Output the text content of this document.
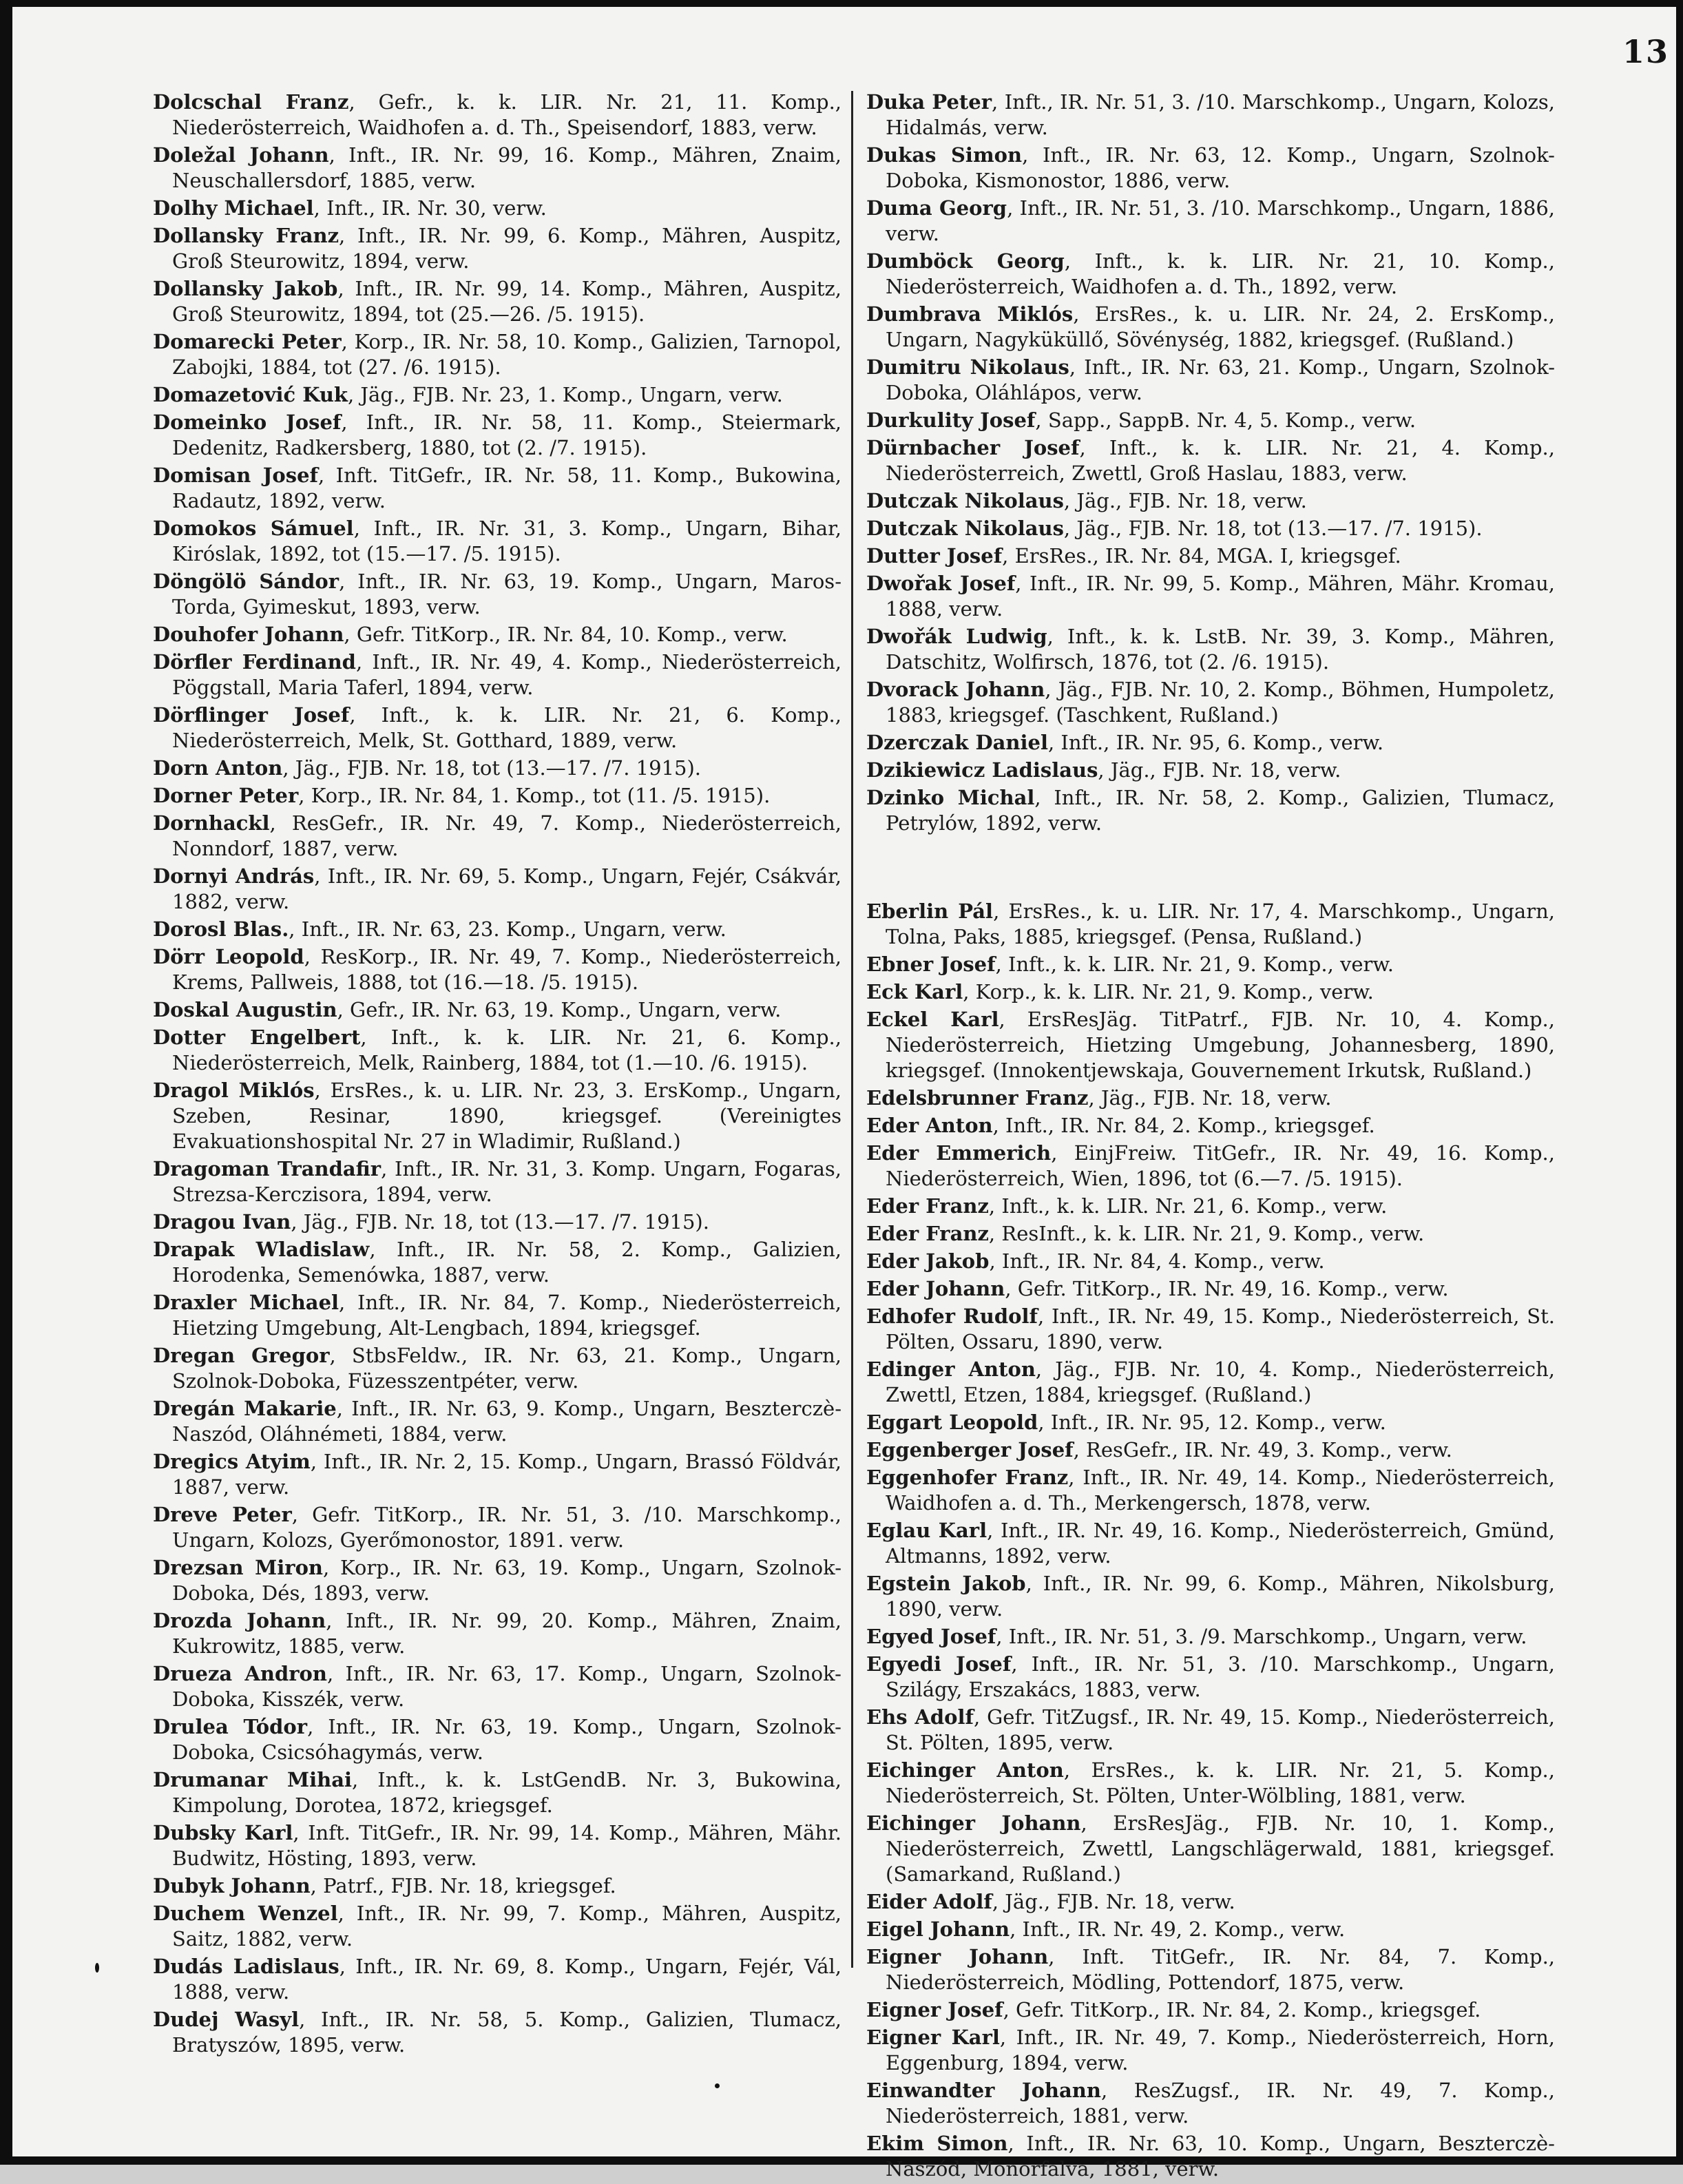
13

Dolcschal Franz, Gefr., k. k. LIR. Nr. 21, 11. Komp., Niederösterreich, Waidhofen a. d. Th., Speisendorf, 1883, verw.

Doležal Johann, Inft., IR. Nr. 99, 16. Komp., Mähren, Znaim, Neuschallersdorf, 1885, verw.

Dolhy Michael, Inft., IR. Nr. 30, verw.

Dollansky Franz, Inft., IR. Nr. 99, 6. Komp., Mähren, Auspitz, Groß Steurowitz, 1894, verw.

Dollansky Jakob, Inft., IR. Nr. 99, 14. Komp., Mähren, Auspitz, Groß Steurowitz, 1894, tot (25.—26. /5. 1915).

Domarecki Peter, Korp., IR. Nr. 58, 10. Komp., Galizien, Tarnopol, Zabojki, 1884, tot (27. /6. 1915).

Domazetović Kuk, Jäg., FJB. Nr. 23, 1. Komp., Ungarn, verw.

Domeinko Josef, Inft., IR. Nr. 58, 11. Komp., Steiermark, Dedenitz, Radkersberg, 1880, tot (2. /7. 1915).

Domisan Josef, Inft. TitGefr., IR. Nr. 58, 11. Komp., Bukowina, Radautz, 1892, verw.

Domokos Sámuel, Inft., IR. Nr. 31, 3. Komp., Ungarn, Bihar, Kiróslak, 1892, tot (15.—17. /5. 1915).

Döngölö Sándor, Inft., IR. Nr. 63, 19. Komp., Ungarn, Maros-Torda, Gyimeskut, 1893, verw.

Douhofer Johann, Gefr. TitKorp., IR. Nr. 84, 10. Komp., verw.

Dörfler Ferdinand, Inft., IR. Nr. 49, 4. Komp., Niederösterreich, Pöggstall, Maria Taferl, 1894, verw.

Dörflinger Josef, Inft., k. k. LIR. Nr. 21, 6. Komp., Niederösterreich, Melk, St. Gotthard, 1889, verw.

Dorn Anton, Jäg., FJB. Nr. 18, tot (13.—17. /7. 1915).

Dorner Peter, Korp., IR. Nr. 84, 1. Komp., tot (11. /5. 1915).

Dornhackl, ResGefr., IR. Nr. 49, 7. Komp., Niederösterreich, Nonndorf, 1887, verw.

Dornyi András, Inft., IR. Nr. 69, 5. Komp., Ungarn, Fejér, Csákvár, 1882, verw.

Dorosl Blas., Inft., IR. Nr. 63, 23. Komp., Ungarn, verw.

Dörr Leopold, ResKorp., IR. Nr. 49, 7. Komp., Niederösterreich, Krems, Pallweis, 1888, tot (16.—18. /5. 1915).

Doskal Augustin, Gefr., IR. Nr. 63, 19. Komp., Ungarn, verw.

Dotter Engelbert, Inft., k. k. LIR. Nr. 21, 6. Komp., Niederösterreich, Melk, Rainberg, 1884, tot (1.—10. /6. 1915).

Dragol Miklós, ErsRes., k. u. LIR. Nr. 23, 3. ErsKomp., Ungarn, Szeben, Resinar, 1890, kriegsgef. (Vereinigtes Evakuationshospital Nr. 27 in Wladimir, Rußland.)

Dragoman Trandafir, Inft., IR. Nr. 31, 3. Komp. Ungarn, Fogaras, Strezsa-Kerczisora, 1894, verw.

Dragou Ivan, Jäg., FJB. Nr. 18, tot (13.—17. /7. 1915).

Drapak Wladislaw, Inft., IR. Nr. 58, 2. Komp., Galizien, Horodenka, Semenówka, 1887, verw.

Draxler Michael, Inft., IR. Nr. 84, 7. Komp., Niederösterreich, Hietzing Umgebung, Alt-Lengbach, 1894, kriegsgef.

Dregan Gregor, StbsFeldw., IR. Nr. 63, 21. Komp., Ungarn, Szolnok-Doboka, Füzesszentpéter, verw.

Dregán Makarie, Inft., IR. Nr. 63, 9. Komp., Ungarn, Beszterczè-Naszód, Oláhnémeti, 1884, verw.

Dregics Atyim, Inft., IR. Nr. 2, 15. Komp., Ungarn, Brassó Földvár, 1887, verw.

Dreve Peter, Gefr. TitKorp., IR. Nr. 51, 3. /10. Marschkomp., Ungarn, Kolozs, Gyerőmonostor, 1891. verw.

Drezsan Miron, Korp., IR. Nr. 63, 19. Komp., Ungarn, Szolnok-Doboka, Dés, 1893, verw.

Drozda Johann, Inft., IR. Nr. 99, 20. Komp., Mähren, Znaim, Kukrowitz, 1885, verw.

Drueza Andron, Inft., IR. Nr. 63, 17. Komp., Ungarn, Szolnok-Doboka, Kisszék, verw.

Drulea Tódor, Inft., IR. Nr. 63, 19. Komp., Ungarn, Szolnok-Doboka, Csicsóhagymás, verw.

Drumanar Mihai, Inft., k. k. LstGendB. Nr. 3, Bukowina, Kimpolung, Dorotea, 1872, kriegsgef.

Dubsky Karl, Inft. TitGefr., IR. Nr. 99, 14. Komp., Mähren, Mähr. Budwitz, Hösting, 1893, verw.

Dubyk Johann, Patrf., FJB. Nr. 18, kriegsgef.

Duchem Wenzel, Inft., IR. Nr. 99, 7. Komp., Mähren, Auspitz, Saitz, 1882, verw.

Dudás Ladislaus, Inft., IR. Nr. 69, 8. Komp., Ungarn, Fejér, Vál, 1888, verw.

Dudej Wasyl, Inft., IR. Nr. 58, 5. Komp., Galizien, Tlumacz, Bratyszów, 1895, verw.

Duka Peter, Inft., IR. Nr. 51, 3. /10. Marschkomp., Ungarn, Kolozs, Hidalmás, verw.

Dukas Simon, Inft., IR. Nr. 63, 12. Komp., Ungarn, Szolnok-Doboka, Kismonostor, 1886, verw.

Duma Georg, Inft., IR. Nr. 51, 3. /10. Marschkomp., Ungarn, 1886, verw.

Dumböck Georg, Inft., k. k. LIR. Nr. 21, 10. Komp., Niederösterreich, Waidhofen a. d. Th., 1892, verw.

Dumbrava Miklós, ErsRes., k. u. LIR. Nr. 24, 2. ErsKomp., Ungarn, Nagyküküllő, Sövénység, 1882, kriegsgef. (Rußland.)

Dumitru Nikolaus, Inft., IR. Nr. 63, 21. Komp., Ungarn, Szolnok-Doboka, Oláhlápos, verw.

Durkulity Josef, Sapp., SappB. Nr. 4, 5. Komp., verw.

Dürnbacher Josef, Inft., k. k. LIR. Nr. 21, 4. Komp., Niederösterreich, Zwettl, Groß Haslau, 1883, verw.

Dutczak Nikolaus, Jäg., FJB. Nr. 18, verw.

Dutczak Nikolaus, Jäg., FJB. Nr. 18, tot (13.—17. /7. 1915).

Dutter Josef, ErsRes., IR. Nr. 84, MGA. I, kriegsgef.

Dwořak Josef, Inft., IR. Nr. 99, 5. Komp., Mähren, Mähr. Kromau, 1888, verw.

Dwořák Ludwig, Inft., k. k. LstB. Nr. 39, 3. Komp., Mähren, Datschitz, Wolfirsch, 1876, tot (2. /6. 1915).

Dvorack Johann, Jäg., FJB. Nr. 10, 2. Komp., Böhmen, Humpoletz, 1883, kriegsgef. (Taschkent, Rußland.)

Dzerczak Daniel, Inft., IR. Nr. 95, 6. Komp., verw.

Dzikiewicz Ladislaus, Jäg., FJB. Nr. 18, verw.

Dzinko Michal, Inft., IR. Nr. 58, 2. Komp., Galizien, Tlumacz, Petrylów, 1892, verw.

Eberlin Pál, ErsRes., k. u. LIR. Nr. 17, 4. Marschkomp., Ungarn, Tolna, Paks, 1885, kriegsgef. (Pensa, Rußland.)

Ebner Josef, Inft., k. k. LIR. Nr. 21, 9. Komp., verw.

Eck Karl, Korp., k. k. LIR. Nr. 21, 9. Komp., verw.

Eckel Karl, ErsResJäg. TitPatrf., FJB. Nr. 10, 4. Komp., Niederösterreich, Hietzing Umgebung, Johannesberg, 1890, kriegsgef. (Innokentjewskaja, Gouvernement Irkutsk, Rußland.)

Edelsbrunner Franz, Jäg., FJB. Nr. 18, verw.

Eder Anton, Inft., IR. Nr. 84, 2. Komp., kriegsgef.

Eder Emmerich, EinjFreiw. TitGefr., IR. Nr. 49, 16. Komp., Niederösterreich, Wien, 1896, tot (6.—7. /5. 1915).

Eder Franz, Inft., k. k. LIR. Nr. 21, 6. Komp., verw.

Eder Franz, ResInft., k. k. LIR. Nr. 21, 9. Komp., verw.

Eder Jakob, Inft., IR. Nr. 84, 4. Komp., verw.

Eder Johann, Gefr. TitKorp., IR. Nr. 49, 16. Komp., verw.

Edhofer Rudolf, Inft., IR. Nr. 49, 15. Komp., Niederösterreich, St. Pölten, Ossaru, 1890, verw.

Edinger Anton, Jäg., FJB. Nr. 10, 4. Komp., Niederösterreich, Zwettl, Etzen, 1884, kriegsgef. (Rußland.)

Eggart Leopold, Inft., IR. Nr. 95, 12. Komp., verw.

Eggenberger Josef, ResGefr., IR. Nr. 49, 3. Komp., verw.

Eggenhofer Franz, Inft., IR. Nr. 49, 14. Komp., Niederösterreich, Waidhofen a. d. Th., Merkengersch, 1878, verw.

Eglau Karl, Inft., IR. Nr. 49, 16. Komp., Niederösterreich, Gmünd, Altmanns, 1892, verw.

Egstein Jakob, Inft., IR. Nr. 99, 6. Komp., Mähren, Nikolsburg, 1890, verw.

Egyed Josef, Inft., IR. Nr. 51, 3. /9. Marschkomp., Ungarn, verw.

Egyedi Josef, Inft., IR. Nr. 51, 3. /10. Marschkomp., Ungarn, Szilágy, Erszakács, 1883, verw.

Ehs Adolf, Gefr. TitZugsf., IR. Nr. 49, 15. Komp., Niederösterreich, St. Pölten, 1895, verw.

Eichinger Anton, ErsRes., k. k. LIR. Nr. 21, 5. Komp., Niederösterreich, St. Pölten, Unter-Wölbling, 1881, verw.

Eichinger Johann, ErsResJäg., FJB. Nr. 10, 1. Komp., Niederösterreich, Zwettl, Langschlägerwald, 1881, kriegsgef. (Samarkand, Rußland.)

Eider Adolf, Jäg., FJB. Nr. 18, verw.

Eigel Johann, Inft., IR. Nr. 49, 2. Komp., verw.

Eigner Johann, Inft. TitGefr., IR. Nr. 84, 7. Komp., Niederösterreich, Mödling, Pottendorf, 1875, verw.

Eigner Josef, Gefr. TitKorp., IR. Nr. 84, 2. Komp., kriegsgef.

Eigner Karl, Inft., IR. Nr. 49, 7. Komp., Niederösterreich, Horn, Eggenburg, 1894, verw.

Einwandter Johann, ResZugsf., IR. Nr. 49, 7. Komp., Niederösterreich, 1881, verw.

Ekim Simon, Inft., IR. Nr. 63, 10. Komp., Ungarn, Beszterczè-Naszód, Monorfalva, 1881, verw.
